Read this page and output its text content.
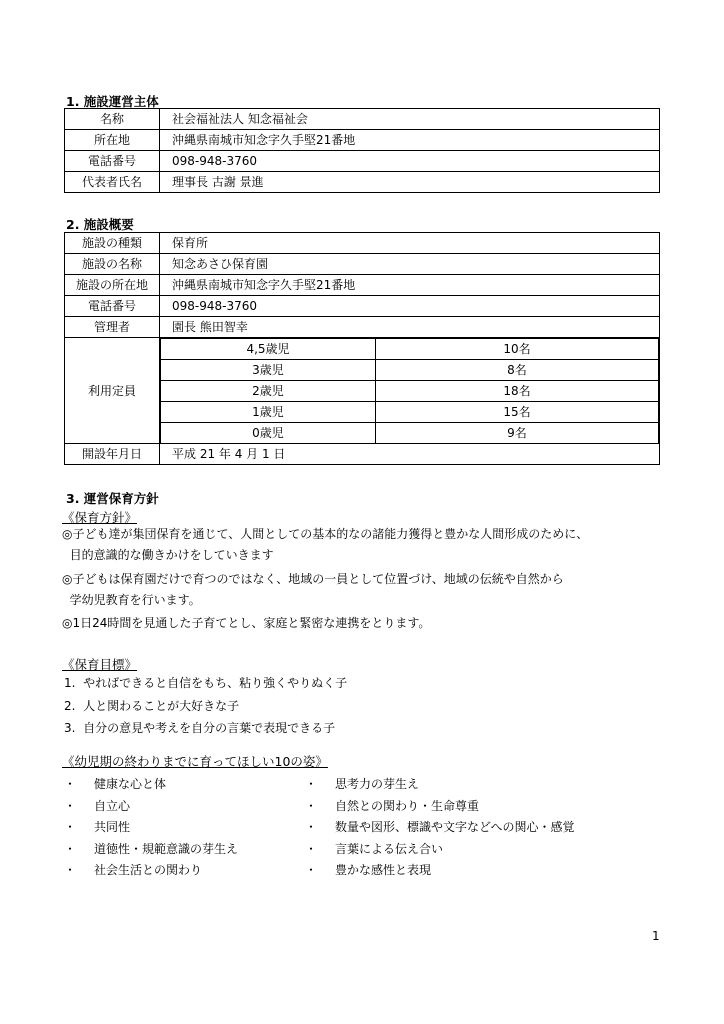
1. 施設運営主体
名称	社会福祉法人 知念福祉会
所在地	沖縄県南城市知念字久手堅21番地
電話番号	098-948-3760
代表者氏名	理事長 古謝 景進
2. 施設概要
施設の種類	保育所
施設の名称	知念あさひ保育園
施設の所在地	沖縄県南城市知念字久手堅21番地
電話番号	098-948-3760
管理者	園長 熊田智幸
利用定員	
4,5歳児	10名
3歳児	8名
2歳児	18名
1歳児	15名
0歳児	9名

開設年月日	平成 21 年 4 月 1 日
3. 運営保育方針
《保育方針》
◎子ども達が集団保育を通じて、人間としての基本的なの諸能力獲得と豊かな人間形成のために、
目的意識的な働きかけをしていきます
◎子どもは保育園だけで育つのではなく、地域の一員として位置づけ、地域の伝統や自然から
学幼児教育を行います。
◎1日24時間を見通した子育てとし、家庭と緊密な連携をとります。
《保育目標》
1.  やればできると自信をもち、粘り強くやりぬく子
2.  人と関わることが大好きな子
3.  自分の意見や考えを自分の言葉で表現できる子
《幼児期の終わりまでに育ってほしい10の姿》
・ 健康な心と体
・ 自立心
・ 共同性
・ 道徳性・規範意識の芽生え
・ 社会生活との関わり
・ 思考力の芽生え
・ 自然との関わり・生命尊重
・ 数量や図形、標識や文字などへの関心・感覚
・ 言葉による伝え合い
・ 豊かな感性と表現
1
